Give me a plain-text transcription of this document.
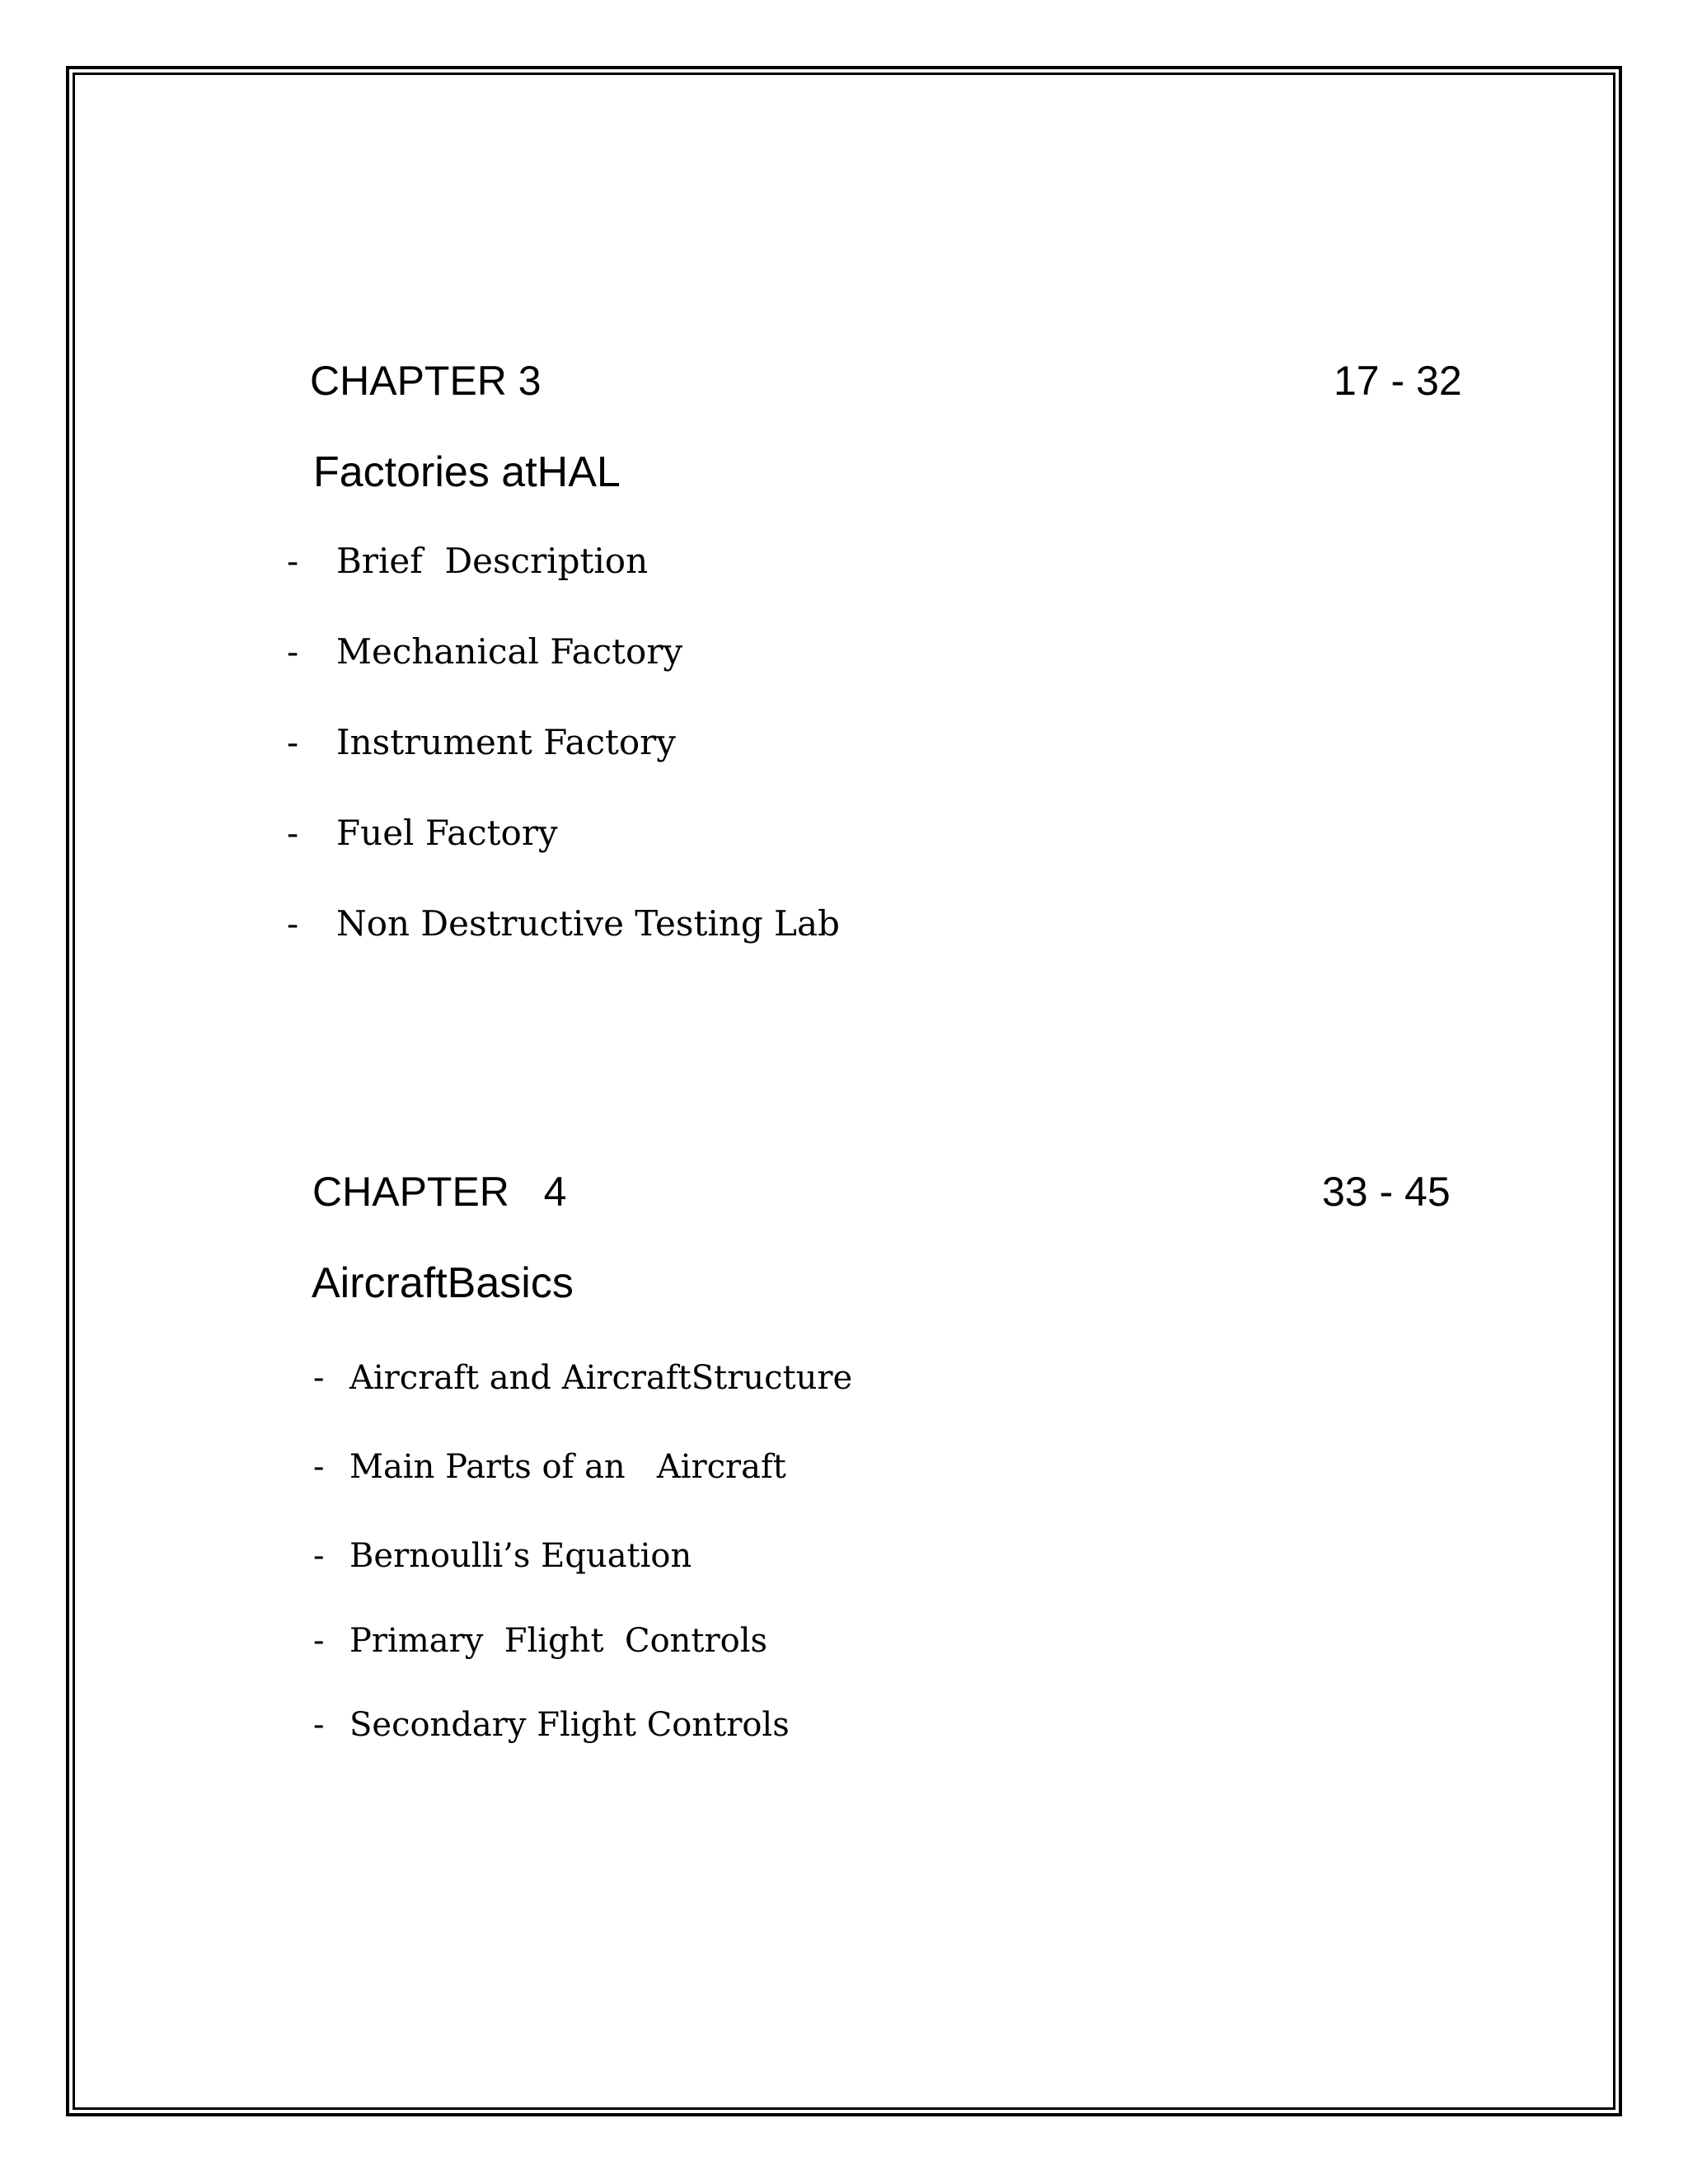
CHAPTER 3	17 - 32
Factories atHAL
- Brief  Description
- Mechanical Factory
- Instrument Factory
- Fuel Factory
- Non Destructive Testing Lab
CHAPTER   4	33 - 45
AircraftBasics
- Aircraft and AircraftStructure
- Main Parts of an   Aircraft
- Bernoulli’s Equation
- Primary  Flight  Controls
- Secondary Flight Controls
